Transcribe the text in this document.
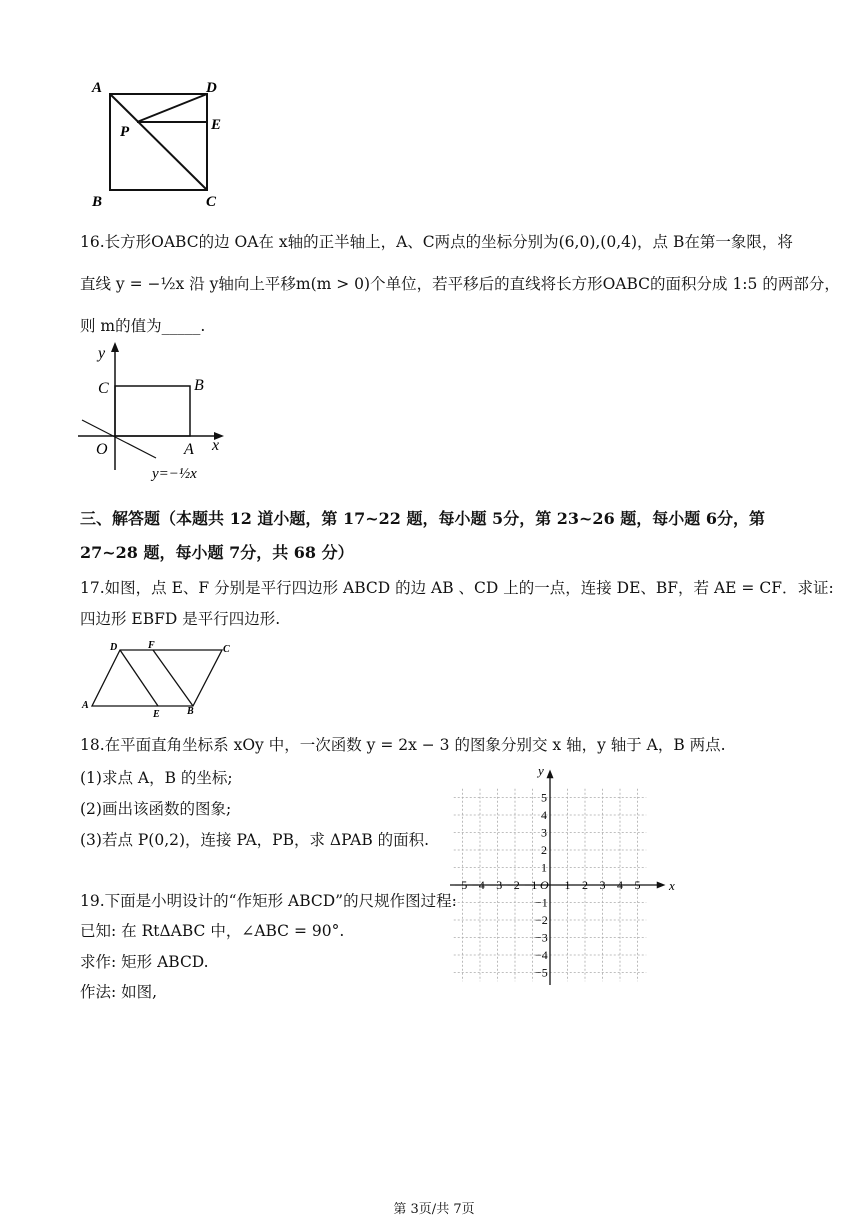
A	D
E
P
B	C
16.长方形OABC的边 OA在 x轴的正半轴上，A、C两点的坐标分别为(6,0),(0,4)，点 B在第一象限，将
直线 y = −½x 沿 y轴向上平移m(m > 0)个单位，若平移后的直线将长方形OABC的面积分成 1:5 的两部分，
则 m的值为_____.
y
x
C	B
O	A
y=−½x
三、解答题（本题共 12 道小题，第 17~22 题，每小题 5分，第 23~26 题，每小题 6分，第
27~28 题，每小题 7分，共 68 分）
17.如图，点 E、F 分别是平行四边形 ABCD 的边 AB 、CD 上的一点，连接 DE、BF，若 AE = CF．求证:
四边形 EBFD 是平行四边形.
D	F	C
A
E	B
18.在平面直角坐标系 xOy 中，一次函数 y = 2x − 3 的图象分别交 x 轴，y 轴于 A，B 两点.
(1)求点 A，B 的坐标;
(2)画出该函数的图象;
(3)若点 P(0,2)，连接 PA，PB，求 ΔPAB 的面积.
−5 −4 −3 −2 −1 1 2 3 4 5
−5
−4
−3
−2
−1
1
2
3
4
5
O	x
y
19.下面是小明设计的“作矩形 ABCD”的尺规作图过程:
已知: 在 RtΔABC 中，∠ABC = 90°.
求作: 矩形 ABCD.
作法: 如图,
第 3页/共 7页
